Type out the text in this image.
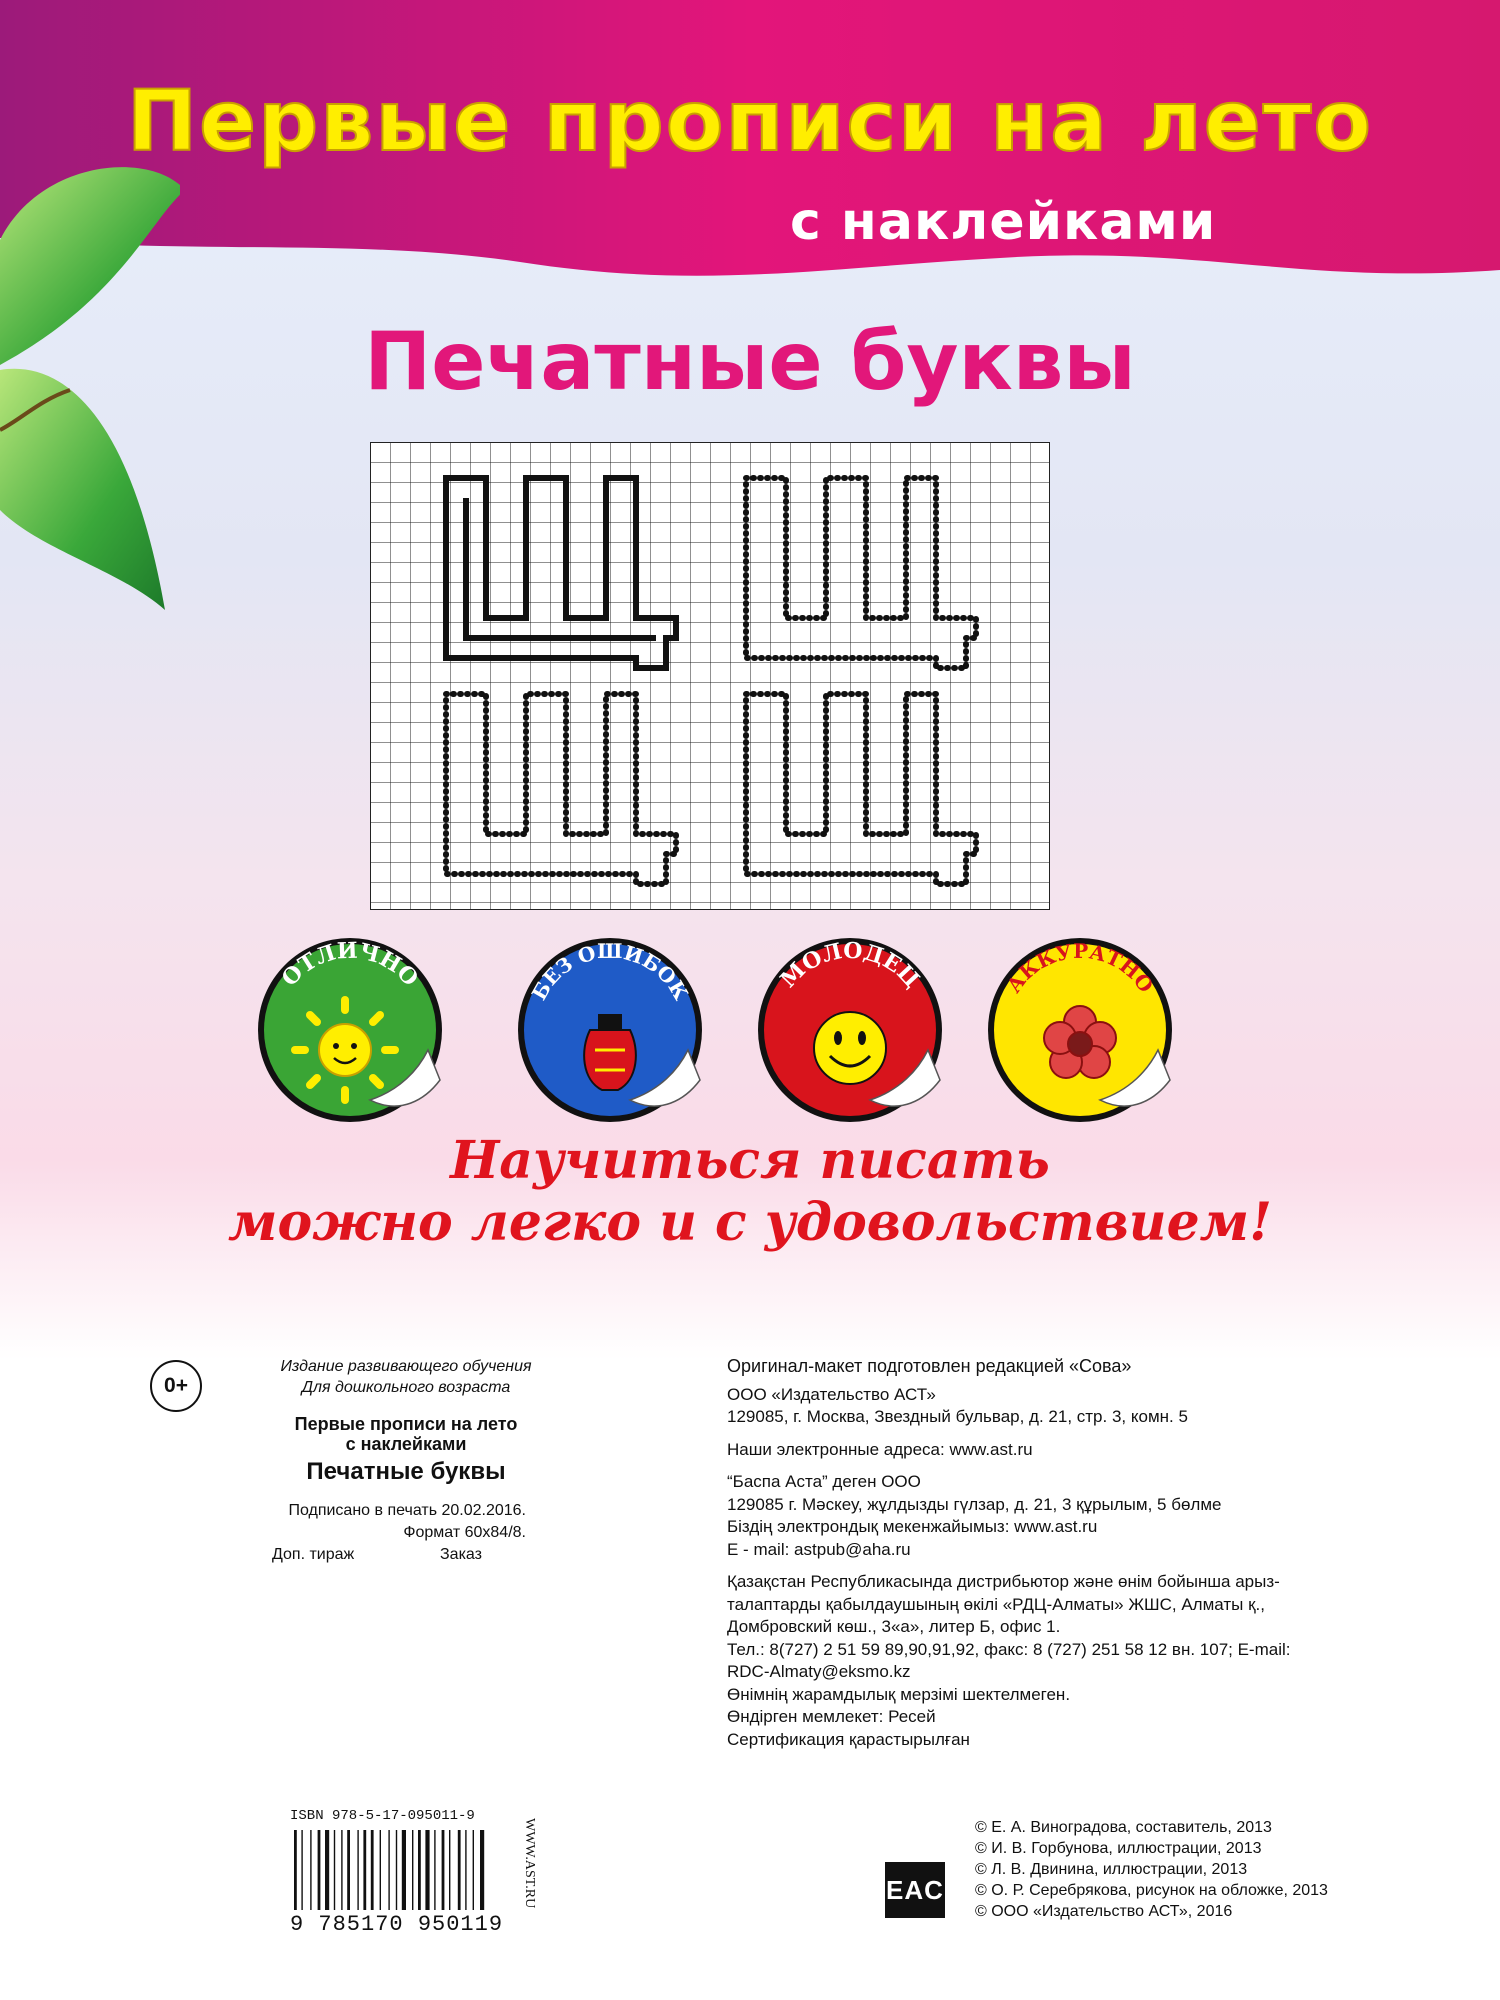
Первые прописи на лето
с наклейками
Печатные буквы
ОТЛИЧНО	БЕЗ ОШИБОК	МОЛОДЕЦ	АККУРАТНО
Научиться писать
можно легко и с удовольствием!
0+
Издание развивающего обучения
Для дошкольного возраста
Первые прописи на лето
с наклейками
Печатные буквы
Подписано в печать 20.02.2016.
Формат 60х84/8.
Доп. тираж	Заказ
Оригинал-макет подготовлен редакцией «Сова»
ООО «Издательство АСТ»
129085, г. Москва, Звездный бульвар, д. 21, стр. 3, комн. 5
Наши электронные адреса: www.ast.ru
“Баспа Аста” деген ООО
129085 г. Мәскеу, жұлдызды гүлзар, д. 21, 3 құрылым, 5 бөлме
Біздің электрондық мекенжайымыз: www.ast.ru
E - mail: astpub@aha.ru
Қазақстан Республикасында дистрибьютор және өнім бойынша арыз-
талаптарды қабылдаушының өкілі «РДЦ-Алматы» ЖШС, Алматы қ.,
Домбровский көш., 3«а», литер Б, офис 1.
Тел.: 8(727) 2 51 59 89,90,91,92, факс: 8 (727) 251 58 12 вн. 107; E-mail:
RDC-Almaty@eksmo.kz
Өнімнің жарамдылық мерзімі шектелмеген.
Өндірген мемлекет: Ресей
Сертификация қарастырылған
ISBN 978-5-17-095011-9
9 785170 950119
WWW.AST.RU	EAC
© Е. А. Виноградова, составитель, 2013
© И. В. Горбунова, иллюстрации, 2013
© Л. В. Двинина, иллюстрации, 2013
© О. Р. Серебрякова, рисунок на обложке, 2013
© ООО «Издательство АСТ», 2016
